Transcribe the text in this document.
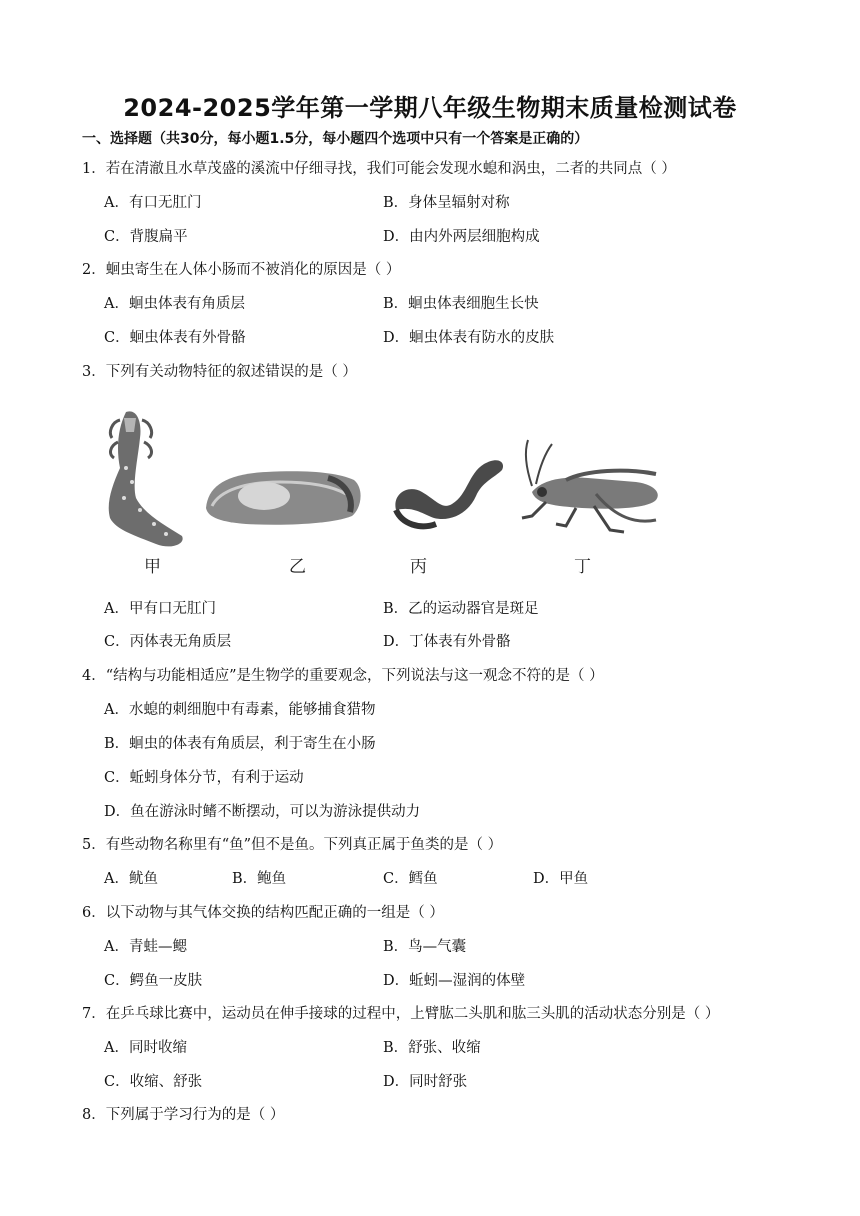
2024-2025学年第一学期八年级生物期末质量检测试卷
一、选择题（共30分，每小题1.5分，每小题四个选项中只有一个答案是正确的）
1．若在清澈且水草茂盛的溪流中仔细寻找，我们可能会发现水螅和涡虫，二者的共同点（ ）
A．有口无肛门	B．身体呈辐射对称
C．背腹扁平	D．由内外两层细胞构成
2．蛔虫寄生在人体小肠而不被消化的原因是（ ）
A．蛔虫体表有角质层	B．蛔虫体表细胞生长快
C．蛔虫体表有外骨骼	D．蛔虫体表有防水的皮肤
3．下列有关动物特征的叙述错误的是（ ）
甲	乙	丙	丁
A．甲有口无肛门	B．乙的运动器官是斑足
C．丙体表无角质层	D．丁体表有外骨骼
4．“结构与功能相适应”是生物学的重要观念，下列说法与这一观念不符的是（ ）
A．水螅的刺细胞中有毒素，能够捕食猎物
B．蛔虫的体表有角质层，利于寄生在小肠
C．蚯蚓身体分节，有利于运动
D．鱼在游泳时鳍不断摆动，可以为游泳提供动力
5．有些动物名称里有“鱼”但不是鱼。下列真正属于鱼类的是（ ）
A．鱿鱼	B．鲍鱼	C．鳕鱼	D．甲鱼
6．以下动物与其气体交换的结构匹配正确的一组是（ ）
A．青蛙—鳃	B．鸟—气囊
C．鳄鱼一皮肤	D．蚯蚓—湿润的体壁
7．在乒乓球比赛中，运动员在伸手接球的过程中，上臂肱二头肌和肱三头肌的活动状态分别是（ ）
A．同时收缩	B．舒张、收缩
C．收缩、舒张	D．同时舒张
8．下列属于学习行为的是（ ）
